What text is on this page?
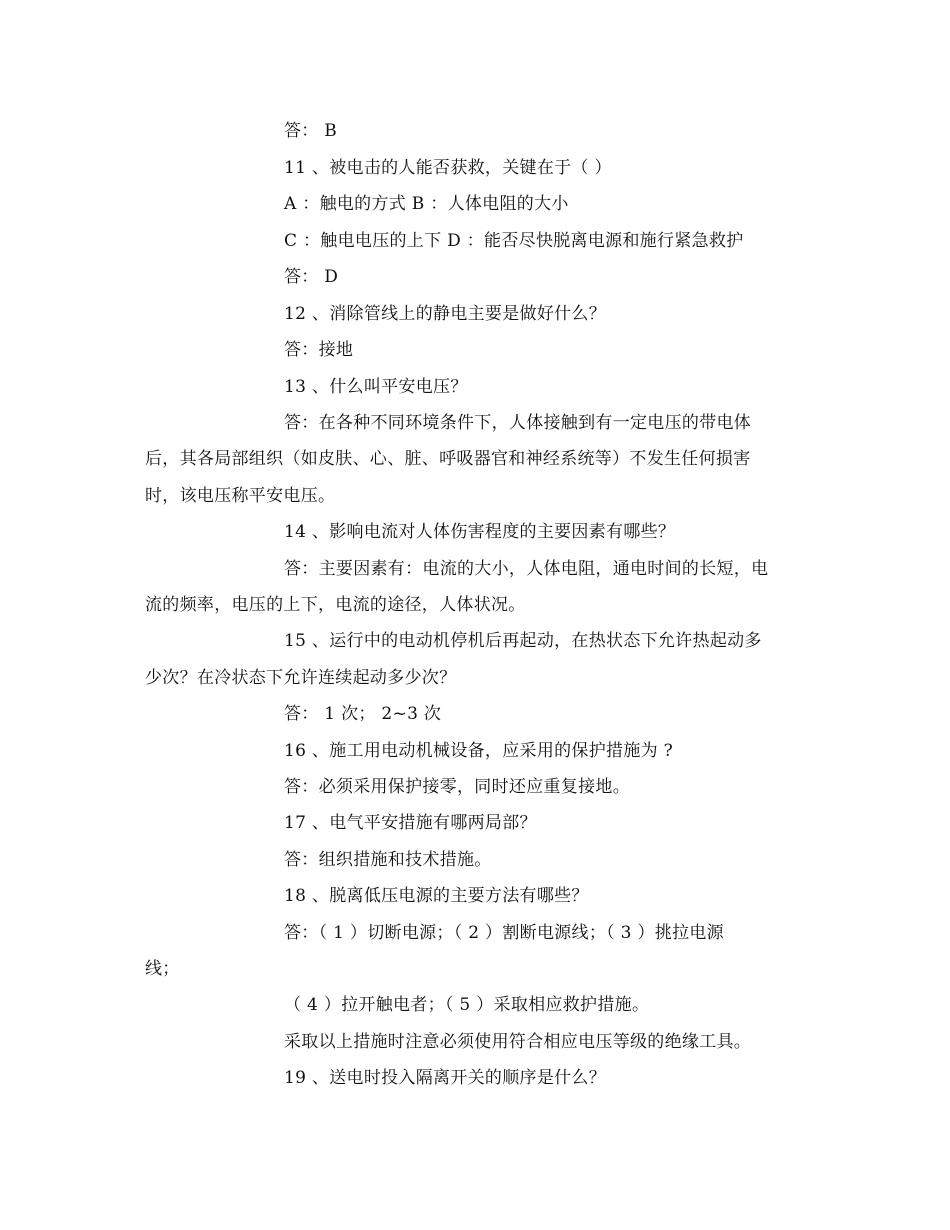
答： B
11 、被电击的人能否获救，关键在于（ ）
A ：触电的方式 B ：人体电阻的大小
C ：触电电压的上下 D ：能否尽快脱离电源和施行紧急救护
答： D
12 、消除管线上的静电主要是做好什么？
答：接地
13 、什么叫平安电压？
答：在各种不同环境条件下，人体接触到有一定电压的带电体
后，其各局部组织（如皮肤、心、脏、呼吸器官和神经系统等）不发生任何损害
时，该电压称平安电压。
14 、影响电流对人体伤害程度的主要因素有哪些？
答：主要因素有：电流的大小，人体电阻，通电时间的长短，电
流的频率，电压的上下，电流的途径，人体状况。
15 、运行中的电动机停机后再起动，在热状态下允许热起动多
少次？在冷状态下允许连续起动多少次？
答： 1 次； 2~3 次
16 、施工用电动机械设备，应采用的保护措施为 ?
答：必须采用保护接零，同时还应重复接地。
17 、电气平安措施有哪两局部？
答：组织措施和技术措施。
18 、脱离低压电源的主要方法有哪些？
答：（ 1 ）切断电源；（ 2 ）割断电源线；（ 3 ）挑拉电源
线；
（ 4 ）拉开触电者；（ 5 ）采取相应救护措施。
采取以上措施时注意必须使用符合相应电压等级的绝缘工具。
19 、送电时投入隔离开关的顺序是什么？
